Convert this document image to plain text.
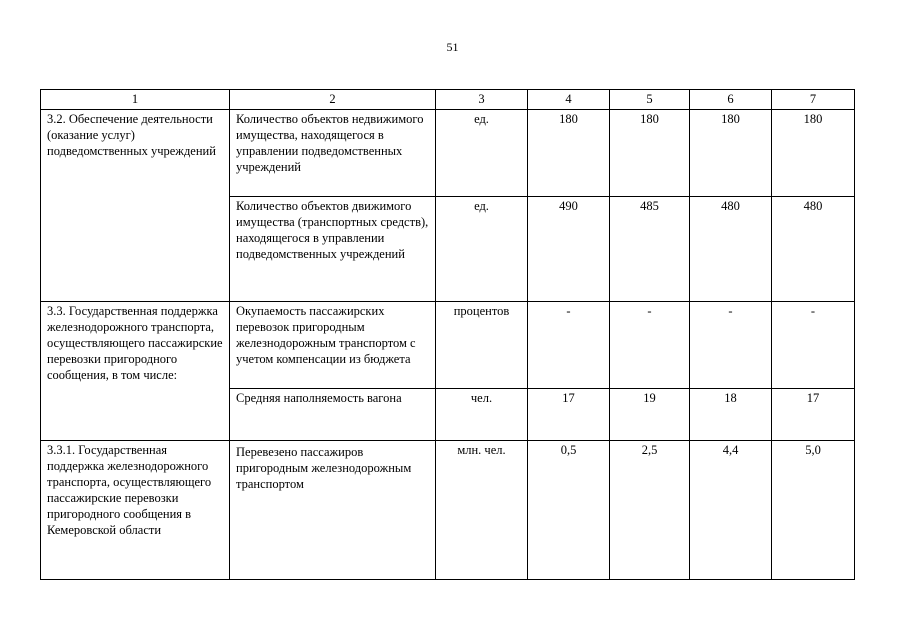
51
1	2	3	4	5	6	7
3.2. Обеспечение деятельности (оказание услуг) подведомственных учреждений	Количество объектов недвижимого имущества, находящегося в управлении подведомственных учреждений	ед.	180	180	180	180
	Количество объектов движимого имущества (транспортных средств), находящегося в управлении подведомственных учреждений	ед.	490	485	480	480
3.3. Государственная поддержка железнодорожного транспорта, осуществляющего пассажирские перевозки пригородного сообщения, в том числе:	Окупаемость пассажирских перевозок пригородным железнодорожным транспортом с учетом компенсации из бюджета	процентов	-	-	-	-
	Средняя наполняемость вагона	чел.	17	19	18	17
3.3.1. Государственная поддержка железнодорожного транспорта, осуществляющего пассажирские перевозки пригородного сообщения в Кемеровской области	Перевезено пассажиров пригородным железнодорожным транспортом	млн. чел.	0,5	2,5	4,4	5,0
